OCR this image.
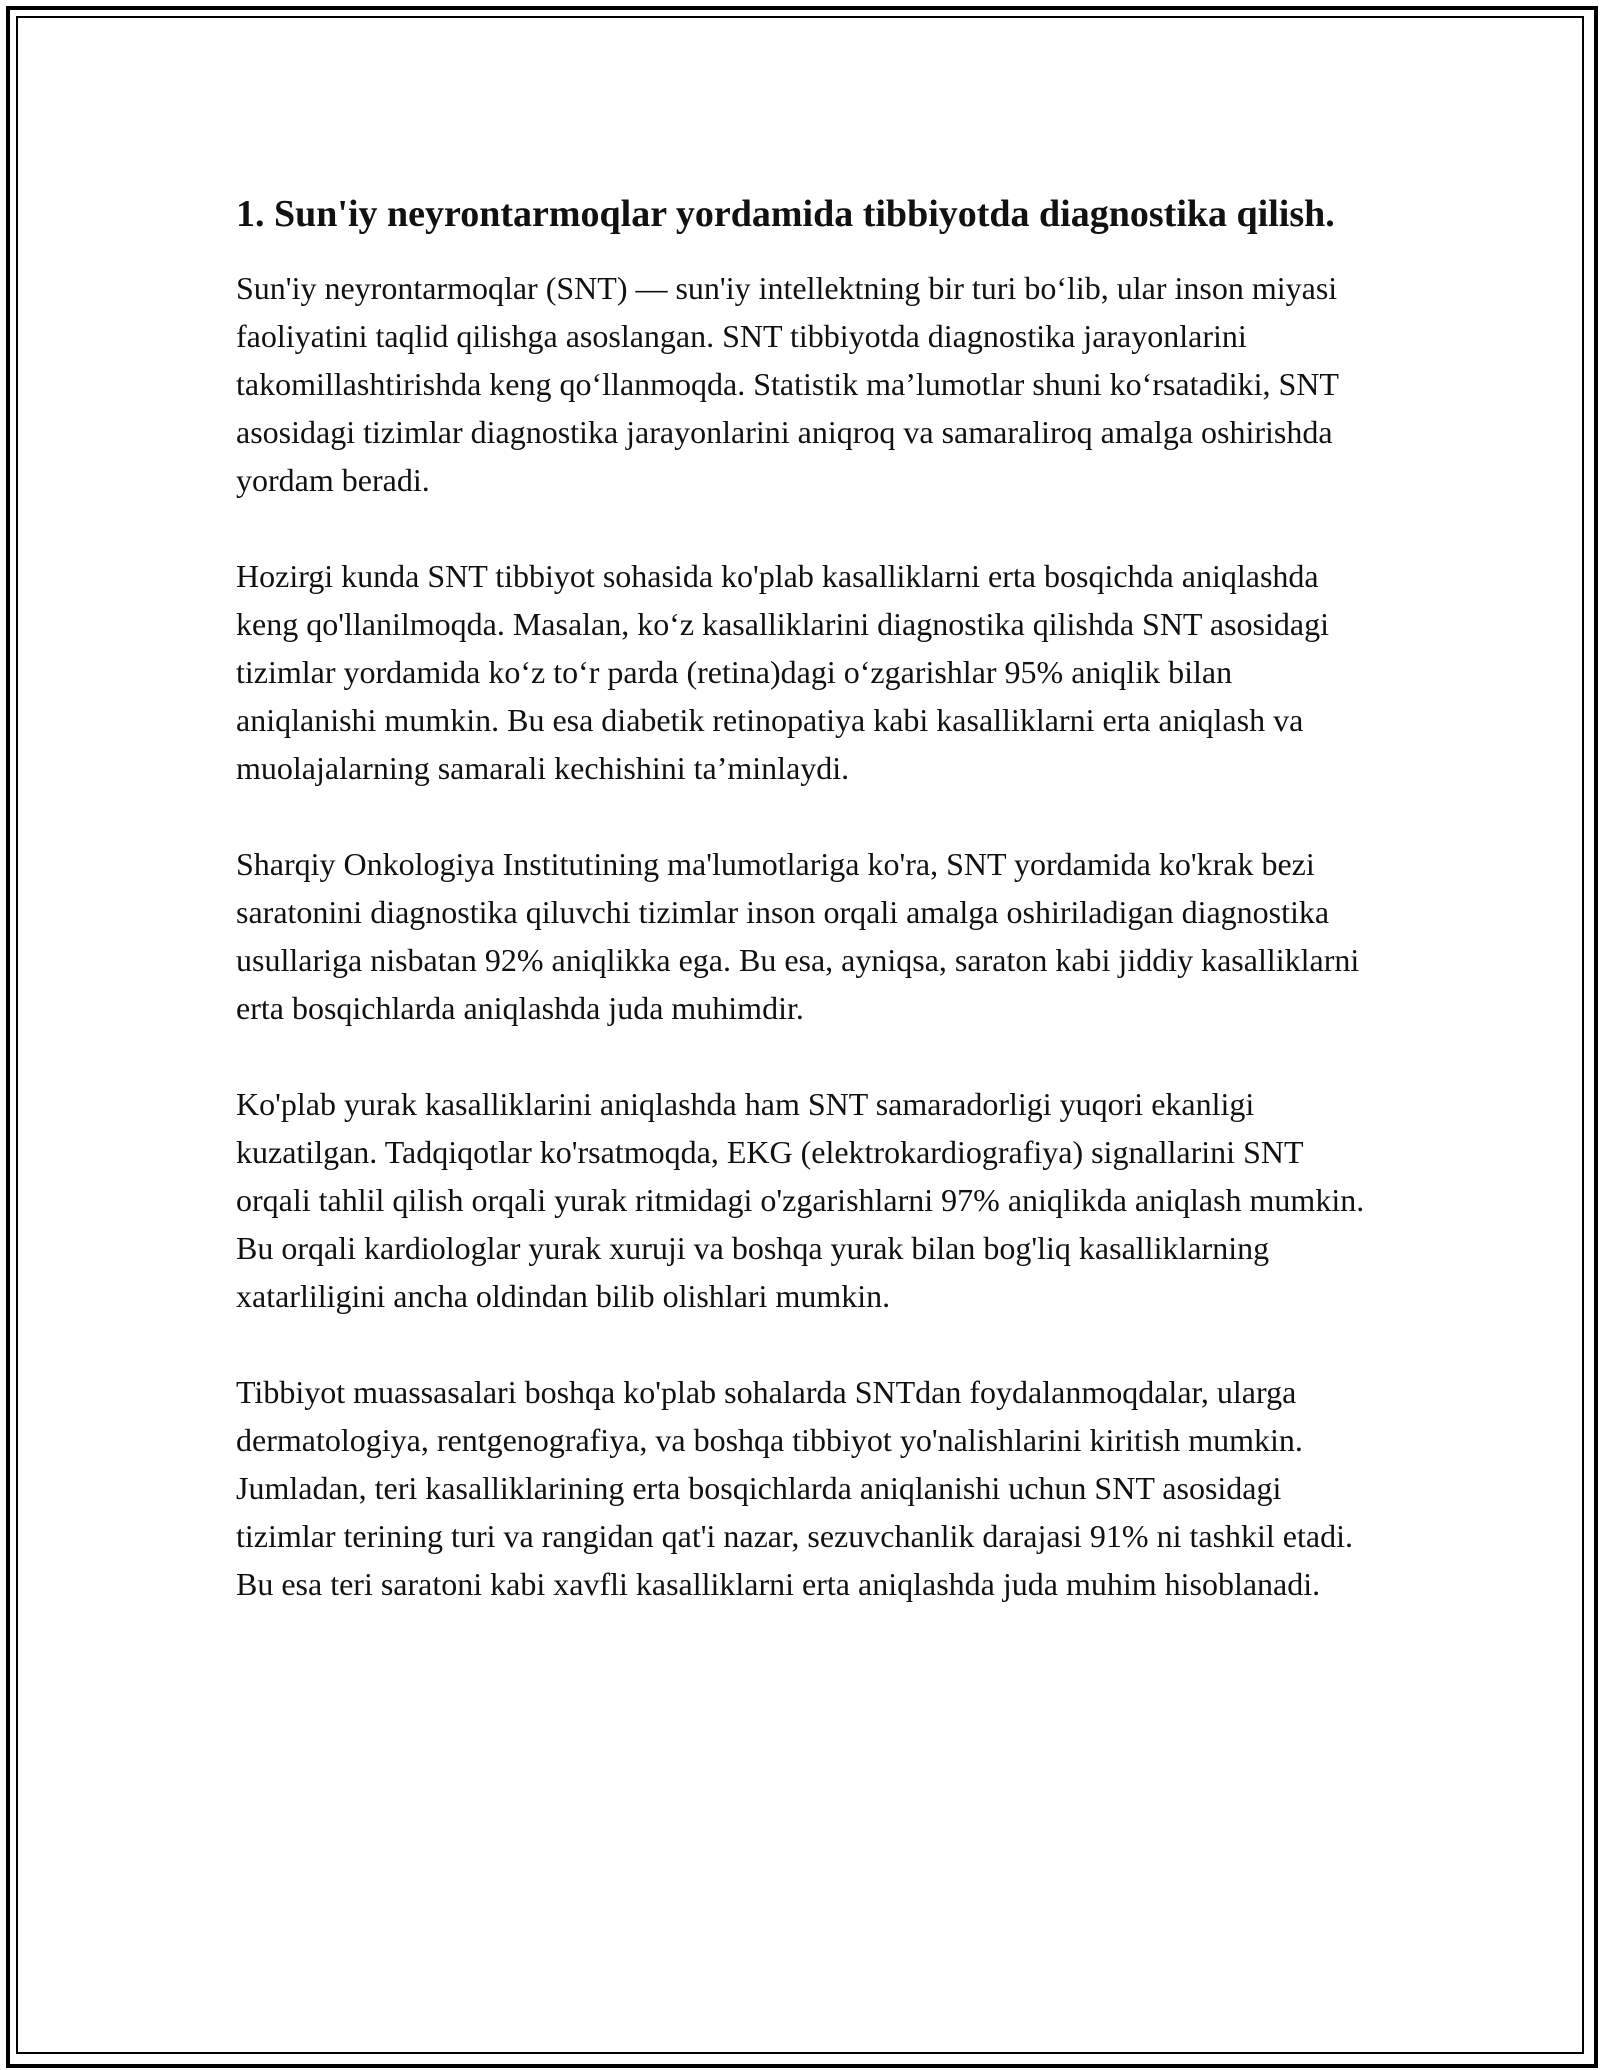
1. Sun'iy neyrontarmoqlar yordamida tibbiyotda diagnostika qilish.

Sun'iy neyrontarmoqlar (SNT) — sun'iy intellektning bir turi bo‘lib, ular inson miyasi faoliyatini taqlid qilishga asoslangan. SNT tibbiyotda diagnostika jarayonlarini takomillashtirishda keng qo‘llanmoqda. Statistik ma’lumotlar shuni ko‘rsatadiki, SNT asosidagi tizimlar diagnostika jarayonlarini aniqroq va samaraliroq amalga oshirishda yordam beradi.

Hozirgi kunda SNT tibbiyot sohasida ko'plab kasalliklarni erta bosqichda aniqlashda keng qo'llanilmoqda. Masalan, ko‘z kasalliklarini diagnostika qilishda SNT asosidagi tizimlar yordamida ko‘z to‘r parda (retina)dagi o‘zgarishlar 95% aniqlik bilan aniqlanishi mumkin. Bu esa diabetik retinopatiya kabi kasalliklarni erta aniqlash va muolajalarning samarali kechishini ta’minlaydi.

Sharqiy Onkologiya Institutining ma'lumotlariga ko'ra, SNT yordamida ko'krak bezi saratonini diagnostika qiluvchi tizimlar inson orqali amalga oshiriladigan diagnostika usullariga nisbatan 92% aniqlikka ega. Bu esa, ayniqsa, saraton kabi jiddiy kasalliklarni erta bosqichlarda aniqlashda juda muhimdir.

Ko'plab yurak kasalliklarini aniqlashda ham SNT samaradorligi yuqori ekanligi kuzatilgan. Tadqiqotlar ko'rsatmoqda, EKG (elektrokardiografiya) signallarini SNT orqali tahlil qilish orqali yurak ritmidagi o'zgarishlarni 97% aniqlikda aniqlash mumkin. Bu orqali kardiologlar yurak xuruji va boshqa yurak bilan bog'liq kasalliklarning xatarliligini ancha oldindan bilib olishlari mumkin.

Tibbiyot muassasalari boshqa ko'plab sohalarda SNTdan foydalanmoqdalar, ularga dermatologiya, rentgenografiya, va boshqa tibbiyot yo'nalishlarini kiritish mumkin. Jumladan, teri kasalliklarining erta bosqichlarda aniqlanishi uchun SNT asosidagi tizimlar terining turi va rangidan qat'i nazar, sezuvchanlik darajasi 91% ni tashkil etadi. Bu esa teri saratoni kabi xavfli kasalliklarni erta aniqlashda juda muhim hisoblanadi.
